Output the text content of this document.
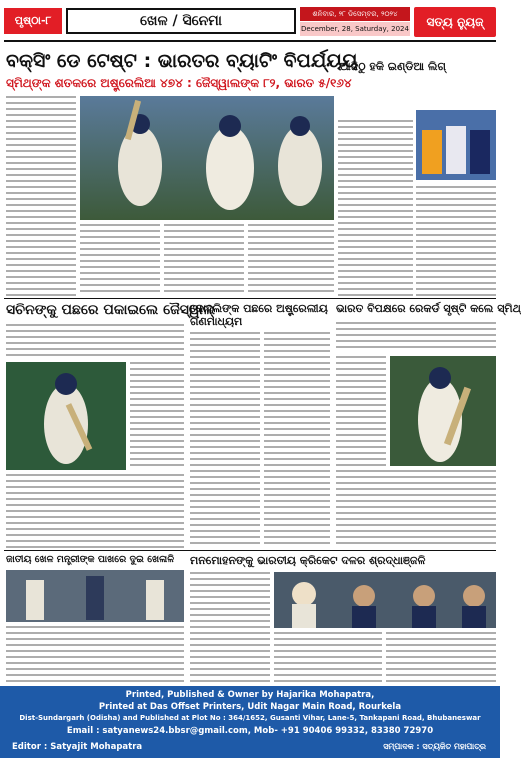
ପୃଷ୍ଠା-୮	ଖେଳ / ସିନେମା	ଶନିବାର, ୨୮ ଡିସେମ୍ବର, ୨୦୨୪
December, 28, Saturday, 2024
ସତ୍ୟ ନ୍ୟୁଜ୍
ବକ୍ସିଂ ଡେ ଟେଷ୍ଟ : ଭାରତର ବ୍ୟାଟିଂ ବିପର୍ଯ୍ୟୟ
ସ୍ମିଥ୍‌ଙ୍କ ଶତକରେ ଅଷ୍ଟ୍ରେଲିଆ ୪୭୪ : ଜୈସ୍ୱାଲଙ୍କ ୮୨, ଭାରତ ୫/୧୬୪
ଆଜିଠୁ ହକି ଇଣ୍ଡିଆ ଲିଗ୍
ସଚିନଙ୍କୁ ପଛରେ ପକାଇଲେ ଜୈସ୍ୱାଲ୍
କୋହଲିଙ୍କ ପଛରେ ଅଷ୍ଟ୍ରେଲୀୟ ଗଣମାଧ୍ୟମ
ଭାରତ ବିପକ୍ଷରେ ରେକର୍ଡ ସୃଷ୍ଟି କଲେ ସ୍ମିଥ୍
ଜାତୀୟ ଖେଳ ମନ୍ତ୍ରୀଙ୍କ ପାଖରେ ଦୁଇ ଖେଳାଳି	ମନମୋହନଙ୍କୁ ଭାରତୀୟ କ୍ରିକେଟ ଦଳର ଶ୍ରଦ୍ଧାଞ୍ଜଳି
Printed, Published & Owner by Hajarika Mohapatra,
Printed at Das Offset Printers, Udit Nagar Main Road, Rourkela
Dist-Sundargarh (Odisha) and Published at Plot No : 364/1652, Gusanti Vihar, Lane-5, Tankapani Road, Bhubaneswar
Email : satyanews24.bbsr@gmail.com, Mob- +91 90406 99332, 83380 72970
Editor : Satyajit Mohapatra	ସମ୍ପାଦକ : ସତ୍ୟଜିତ ମହାପାତ୍ର
